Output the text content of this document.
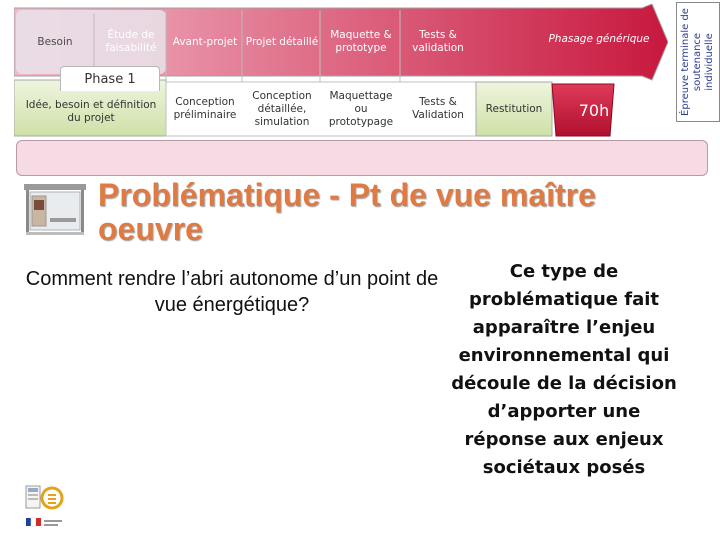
Besoin
Étude de faisabilité
Avant-projet Projet détaillé
Maquette & prototype
Tests & validation
Phasage générique
Phase 1
Idée, besoin et définition du projet
Conception préliminaire
Conception détaillée, simulation
Maquettage ou prototypage
Tests & Validation
Restitution	70h	Épreuve terminale de soutenance individuelle
Problématique - Pt de vue maître oeuvre
Comment rendre l’abri autonome d’un point de vue énergétique?
Ce type de problématique fait apparaître l’enjeu environnemental qui découle de la décision d’apporter une réponse aux enjeux sociétaux posés
